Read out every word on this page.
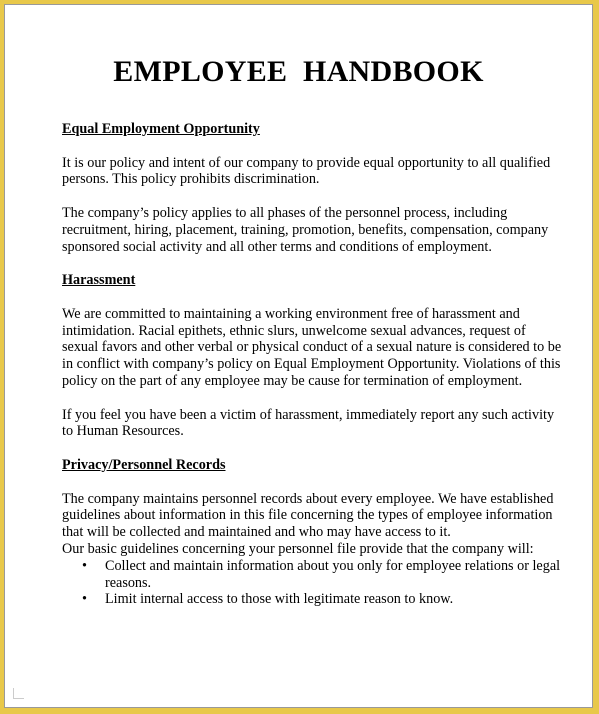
EMPLOYEE  HANDBOOK

Equal Employment Opportunity

It is our policy and intent of our company to provide equal opportunity to all qualified persons. This policy prohibits discrimination.

The company’s policy applies to all phases of the personnel process, including recruitment, hiring, placement, training, promotion, benefits, compensation, company sponsored social activity and all other terms and conditions of employment.

Harassment

We are committed to maintaining a working environment free of harassment and intimidation. Racial epithets, ethnic slurs, unwelcome sexual advances, request of sexual favors and other verbal or physical conduct of a sexual nature is considered to be in conflict with company’s policy on Equal Employment Opportunity. Violations of this policy on the part of any employee may be cause for termination of employment.

If you feel you have been a victim of harassment, immediately report any such activity to Human Resources.

Privacy/Personnel Records

The company maintains personnel records about every employee. We have established guidelines about information in this file concerning the types of employee information that will be collected and maintained and who may have access to it.

Our basic guidelines concerning your personnel file provide that the company will:

• Collect and maintain information about you only for employee relations or legal reasons.
• Limit internal access to those with legitimate reason to know.
